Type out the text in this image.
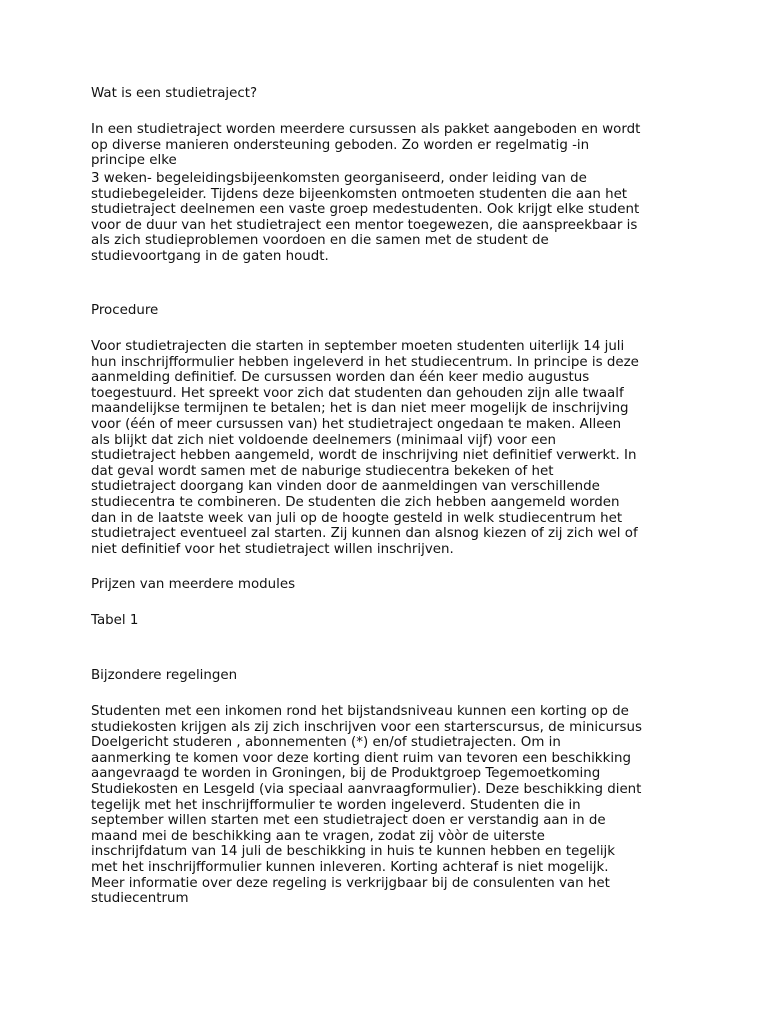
Wat is een studietraject?

In een studietraject worden meerdere cursussen als pakket aangeboden en wordt
op diverse manieren ondersteuning geboden. Zo worden er regelmatig -in
principe elke

3 weken- begeleidingsbijeenkomsten georganiseerd, onder leiding van de
studiebegeleider. Tijdens deze bijeenkomsten ontmoeten studenten die aan het
studietraject deelnemen een vaste groep medestudenten. Ook krijgt elke student
voor de duur van het studietraject een mentor toegewezen, die aanspreekbaar is
als zich studieproblemen voordoen en die samen met de student de
studievoortgang in de gaten houdt.

Procedure

Voor studietrajecten die starten in september moeten studenten uiterlijk 14 juli
hun inschrijfformulier hebben ingeleverd in het studiecentrum. In principe is deze
aanmelding definitief. De cursussen worden dan één keer medio augustus
toegestuurd. Het spreekt voor zich dat studenten dan gehouden zijn alle twaalf
maandelijkse termijnen te betalen; het is dan niet meer mogelijk de inschrijving
voor (één of meer cursussen van) het studietraject ongedaan te maken. Alleen
als blijkt dat zich niet voldoende deelnemers (minimaal vijf) voor een
studietraject hebben aangemeld, wordt de inschrijving niet definitief verwerkt. In
dat geval wordt samen met de naburige studiecentra bekeken of het
studietraject doorgang kan vinden door de aanmeldingen van verschillende
studiecentra te combineren. De studenten die zich hebben aangemeld worden
dan in de laatste week van juli op de hoogte gesteld in welk studiecentrum het
studietraject eventueel zal starten. Zij kunnen dan alsnog kiezen of zij zich wel of
niet definitief voor het studietraject willen inschrijven.

Prijzen van meerdere modules

Tabel 1

Bijzondere regelingen

Studenten met een inkomen rond het bijstandsniveau kunnen een korting op de
studiekosten krijgen als zij zich inschrijven voor een starterscursus, de minicursus
Doelgericht studeren , abonnementen (*) en/of studietrajecten. Om in
aanmerking te komen voor deze korting dient ruim van tevoren een beschikking
aangevraagd te worden in Groningen, bij de Produktgroep Tegemoetkoming
Studiekosten en Lesgeld (via speciaal aanvraagformulier). Deze beschikking dient
tegelijk met het inschrijfformulier te worden ingeleverd. Studenten die in
september willen starten met een studietraject doen er verstandig aan in de
maand mei de beschikking aan te vragen, zodat zij vòòr de uiterste
inschrijfdatum van 14 juli de beschikking in huis te kunnen hebben en tegelijk
met het inschrijfformulier kunnen inleveren. Korting achteraf is niet mogelijk.
Meer informatie over deze regeling is verkrijgbaar bij de consulenten van het
studiecentrum
